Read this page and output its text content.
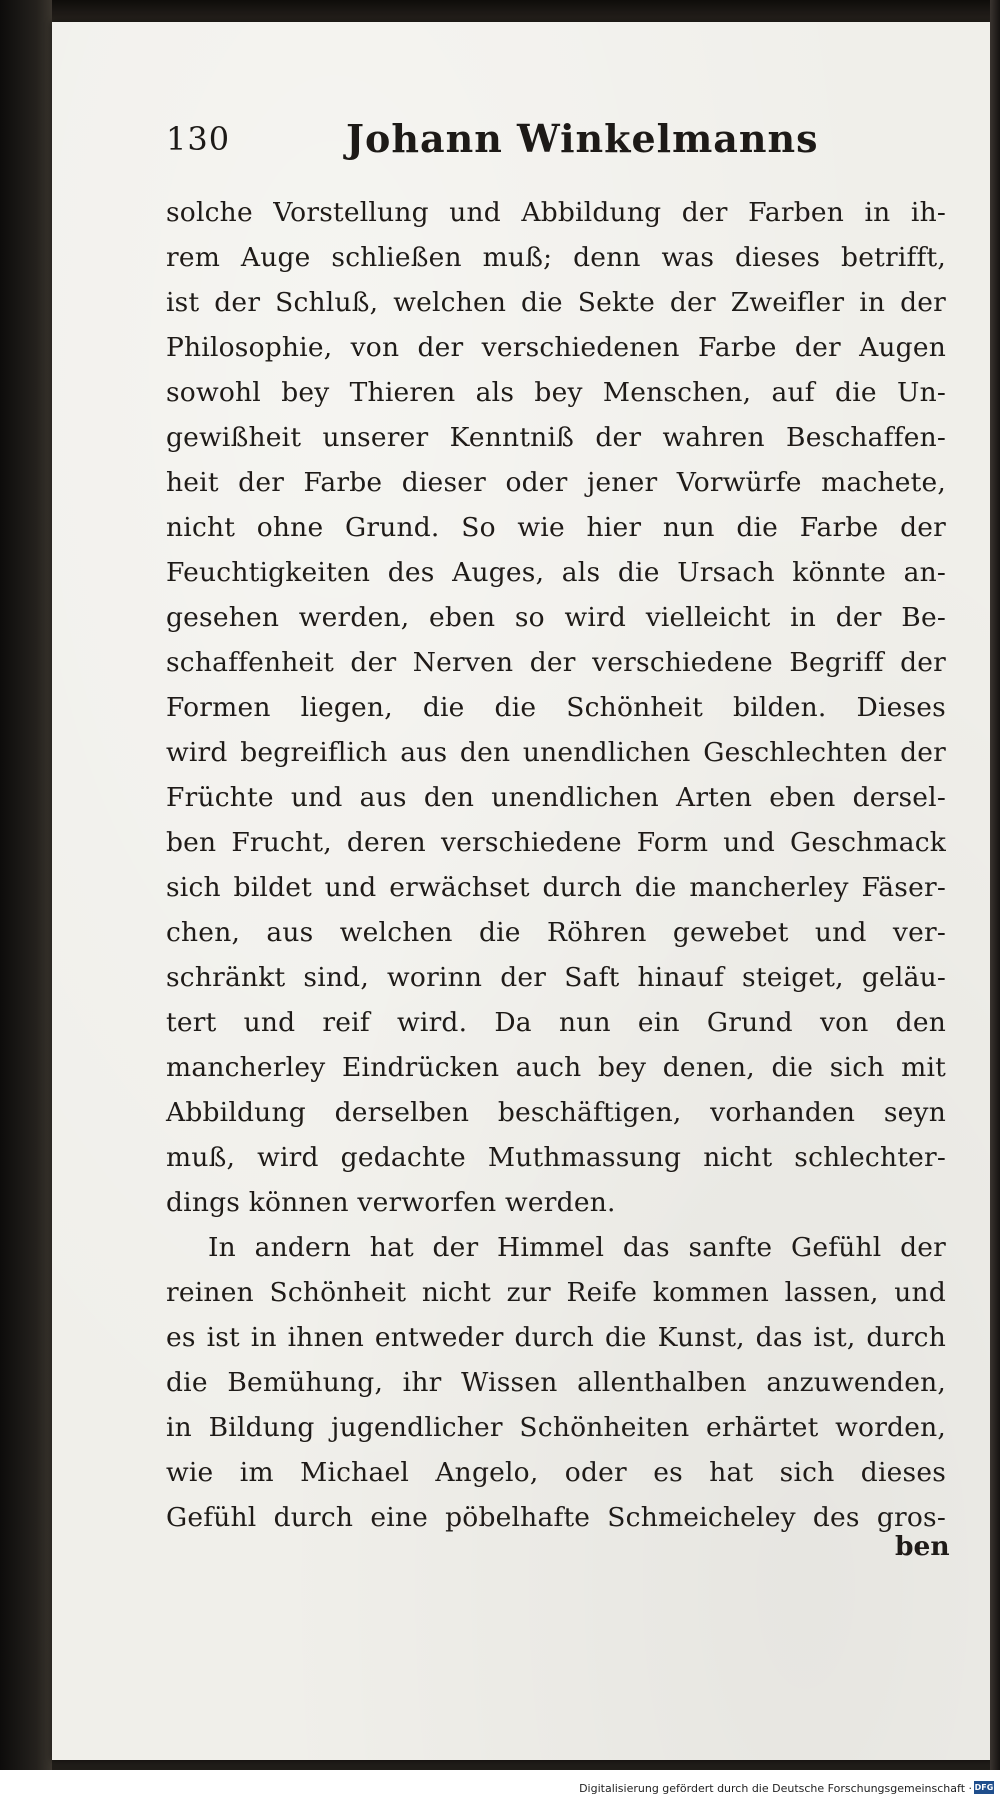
130	Johann Winkelmanns
solche Vorstellung und Abbildung der Farben in ih-
rem Auge schließen muß; denn was dieses betrifft,
ist der Schluß, welchen die Sekte der Zweifler in der
Philosophie, von der verschiedenen Farbe der Augen
sowohl bey Thieren als bey Menschen, auf die Un-
gewißheit unserer Kenntniß der wahren Beschaffen-
heit der Farbe dieser oder jener Vorwürfe machete,
nicht ohne Grund. So wie hier nun die Farbe der
Feuchtigkeiten des Auges, als die Ursach könnte an-
gesehen werden, eben so wird vielleicht in der Be-
schaffenheit der Nerven der verschiedene Begriff der
Formen liegen, die die Schönheit bilden. Dieses
wird begreiflich aus den unendlichen Geschlechten der
Früchte und aus den unendlichen Arten eben dersel-
ben Frucht, deren verschiedene Form und Geschmack
sich bildet und erwächset durch die mancherley Fäser-
chen, aus welchen die Röhren gewebet und ver-
schränkt sind, worinn der Saft hinauf steiget, geläu-
tert und reif wird. Da nun ein Grund von den
mancherley Eindrücken auch bey denen, die sich mit
Abbildung derselben beschäftigen, vorhanden seyn
muß, wird gedachte Muthmassung nicht schlechter-
dings können verworfen werden.
In andern hat der Himmel das sanfte Gefühl der
reinen Schönheit nicht zur Reife kommen lassen, und
es ist in ihnen entweder durch die Kunst, das ist, durch
die Bemühung, ihr Wissen allenthalben anzuwenden,
in Bildung jugendlicher Schönheiten erhärtet worden,
wie im Michael Angelo, oder es hat sich dieses
Gefühl durch eine pöbelhafte Schmeicheley des gros-
ben
Digitalisierung gefördert durch die Deutsche Forschungsgemeinschaft · DFG
